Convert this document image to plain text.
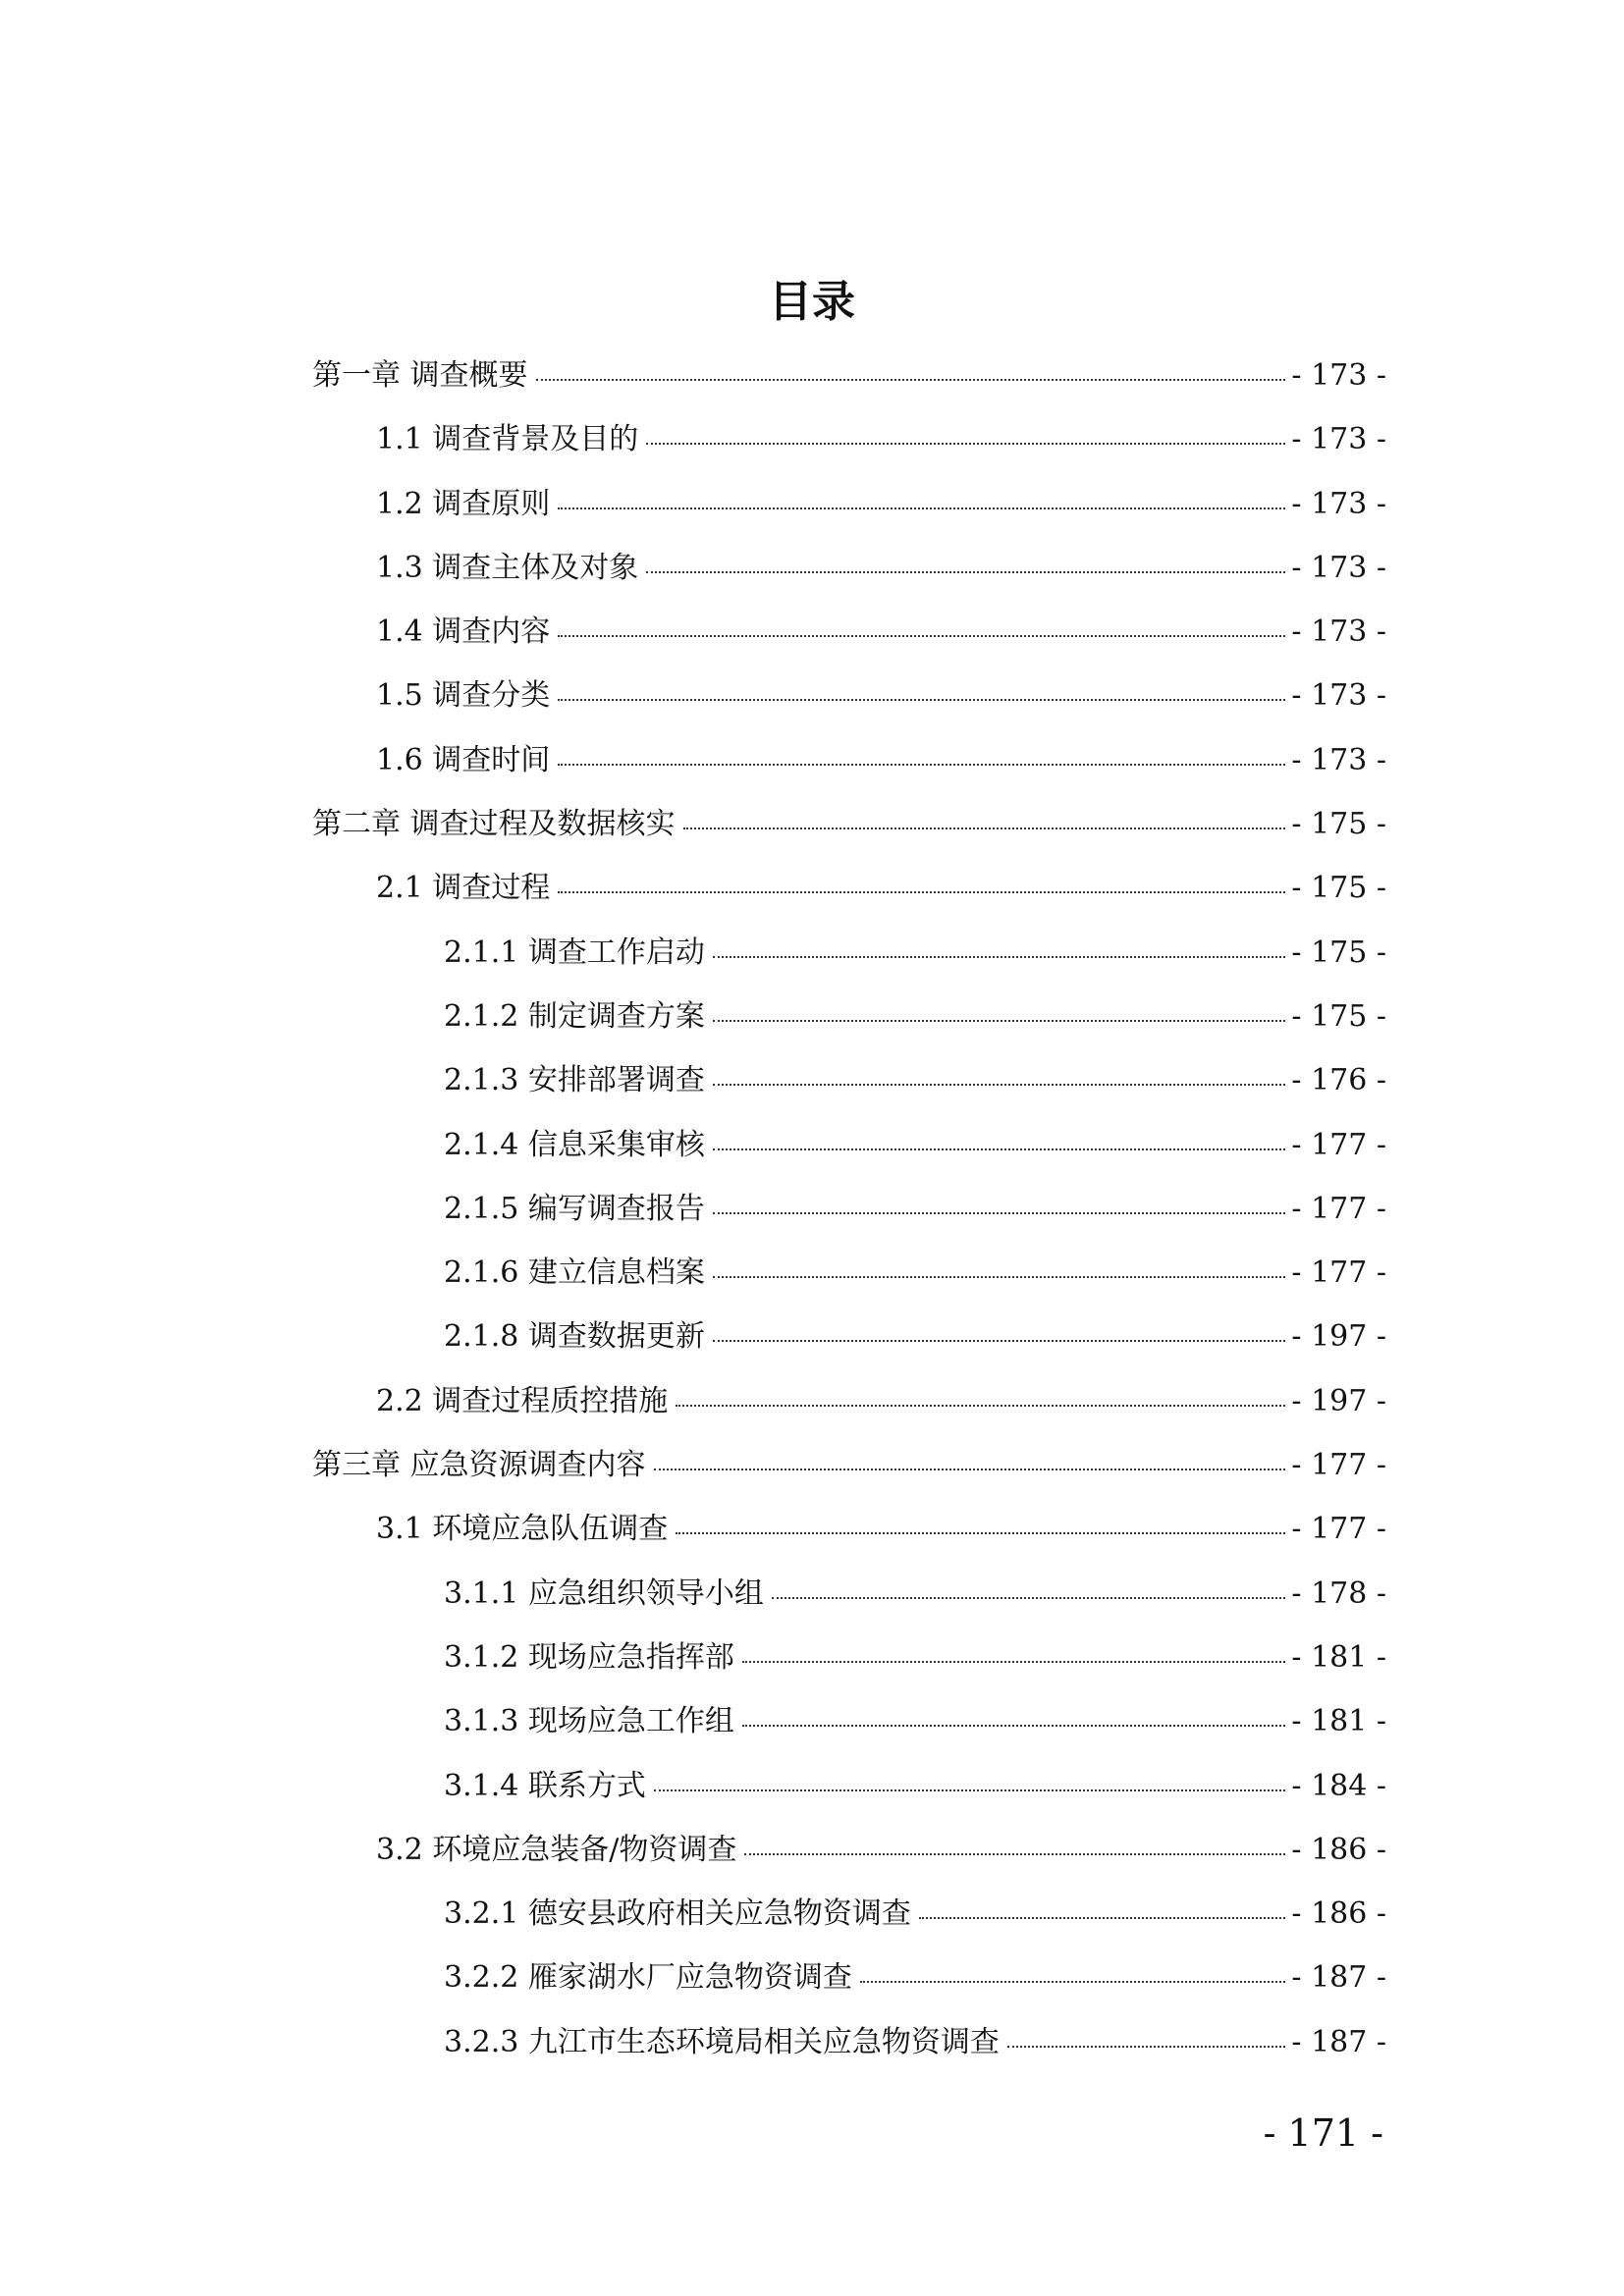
目录
第一章 调查概要	- 173 -
1.1 调查背景及目的	- 173 -
1.2 调查原则	- 173 -
1.3 调查主体及对象	- 173 -
1.4 调查内容	- 173 -
1.5 调查分类	- 173 -
1.6 调查时间	- 173 -
第二章 调查过程及数据核实	- 175 -
2.1 调查过程	- 175 -
2.1.1 调查工作启动	- 175 -
2.1.2 制定调查方案	- 175 -
2.1.3 安排部署调查	- 176 -
2.1.4 信息采集审核	- 177 -
2.1.5 编写调查报告	- 177 -
2.1.6 建立信息档案	- 177 -
2.1.8 调查数据更新	- 197 -
2.2 调查过程质控措施	- 197 -
第三章 应急资源调查内容	- 177 -
3.1 环境应急队伍调查	- 177 -
3.1.1 应急组织领导小组	- 178 -
3.1.2 现场应急指挥部	- 181 -
3.1.3 现场应急工作组	- 181 -
3.1.4 联系方式	- 184 -
3.2 环境应急装备/物资调查	- 186 -
3.2.1 德安县政府相关应急物资调查	- 186 -
3.2.2 雁家湖水厂应急物资调查	- 187 -
3.2.3 九江市生态环境局相关应急物资调查	- 187 -
- 171 -
